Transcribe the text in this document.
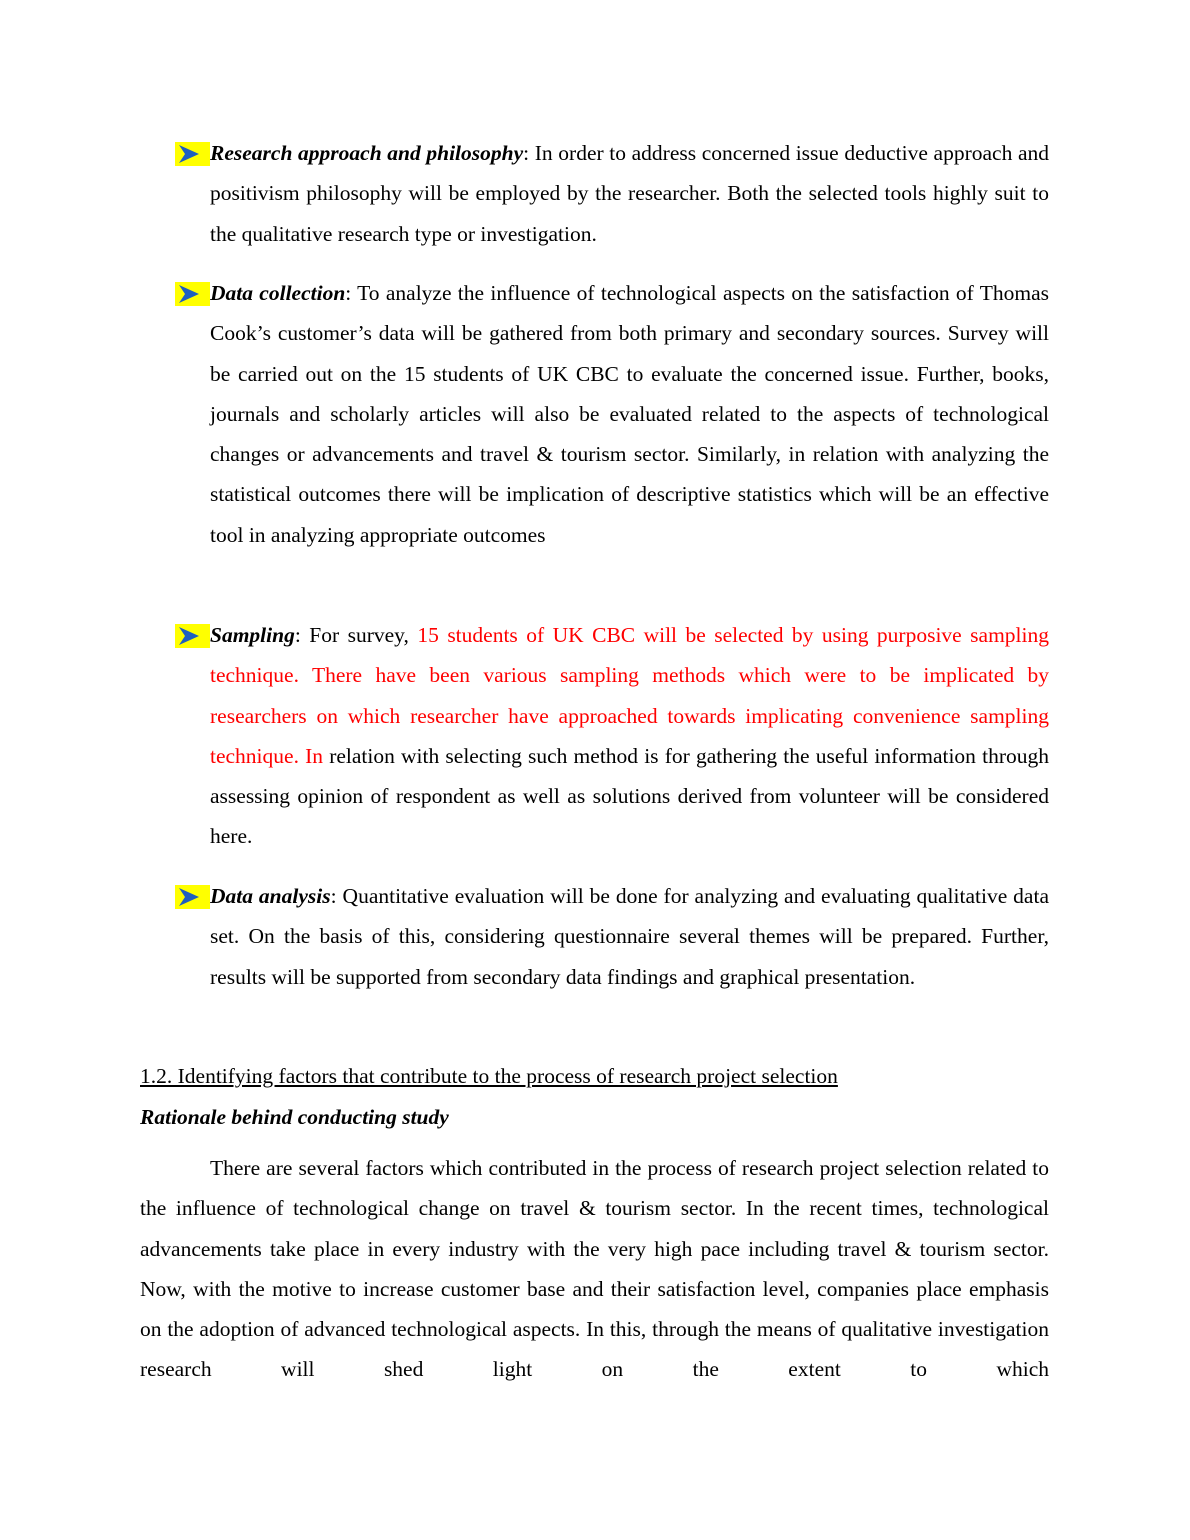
Research approach and philosophy: In order to address concerned issue deductive approach and positivism philosophy will be employed by the researcher. Both the selected tools highly suit to the qualitative research type or investigation.

Data collection: To analyze the influence of technological aspects on the satisfaction of Thomas Cook’s customer’s data will be gathered from both primary and secondary sources. Survey will be carried out on the 15 students of UK CBC to evaluate the concerned issue. Further, books, journals and scholarly articles will also be evaluated related to the aspects of technological changes or advancements and travel & tourism sector. Similarly, in relation with analyzing the statistical outcomes there will be implication of descriptive statistics which will be an effective tool in analyzing appropriate outcomes

Sampling: For survey, 15 students of UK CBC will be selected by using purposive sampling technique. There have been various sampling methods which were to be implicated by researchers on which researcher have approached towards implicating convenience sampling technique. In relation with selecting such method is for gathering the useful information through assessing opinion of respondent as well as solutions derived from volunteer will be considered here.

Data analysis: Quantitative evaluation will be done for analyzing and evaluating qualitative data set. On the basis of this, considering questionnaire several themes will be prepared. Further, results will be supported from secondary data findings and graphical presentation.

1.2. Identifying factors that contribute to the process of research project selection
Rationale behind conducting study

There are several factors which contributed in the process of research project selection related to the influence of technological change on travel & tourism sector. In the recent times, technological advancements take place in every industry with the very high pace including travel & tourism sector. Now, with the motive to increase customer base and their satisfaction level, companies place emphasis on the adoption of advanced technological aspects. In this, through the means of qualitative investigation research will shed light on the extent to which
